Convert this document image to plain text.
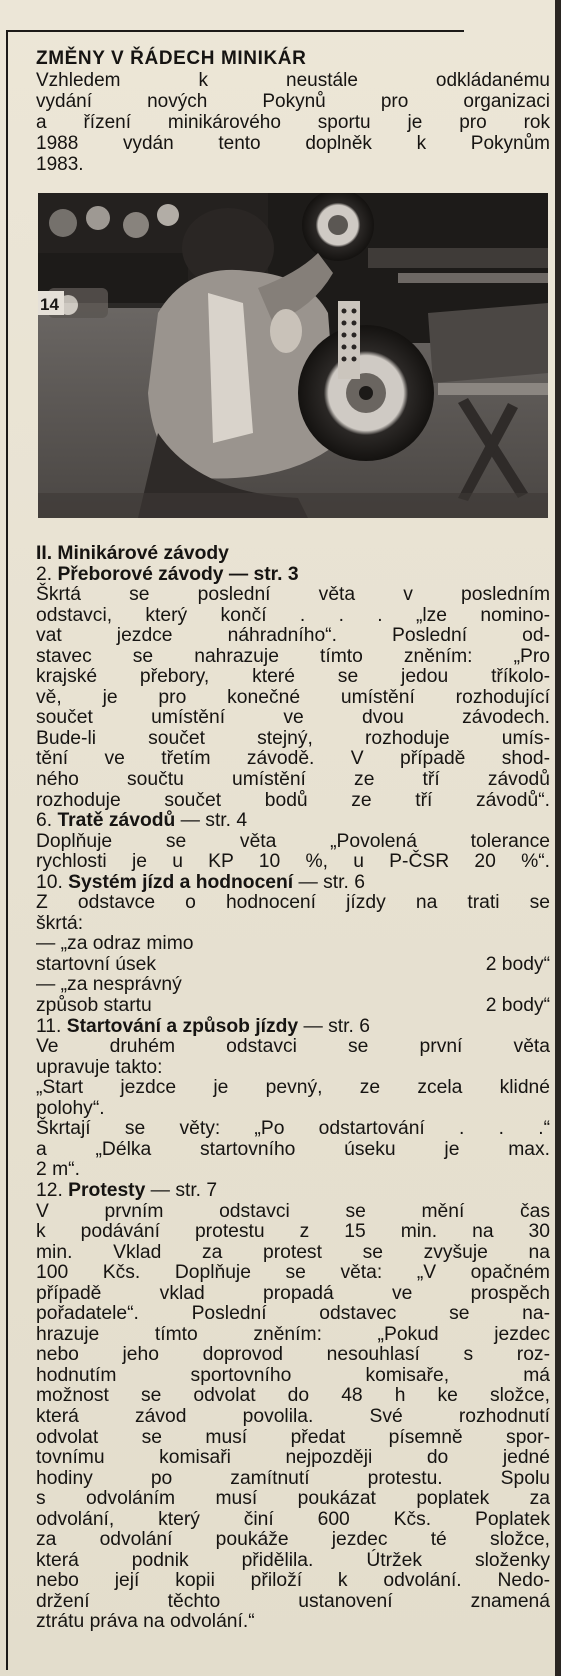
ZMĚNY V ŘÁDECH MINIKÁR

Vzhledem k neustále odkládanému

vydání nových Pokynů pro organizaci

a řízení minikárového sportu je pro rok

1988 vydán tento doplněk k Pokynům

1983.

14

II. Minikárové závody

2. Přeborové závody — str. 3

Škrtá se poslední věta v posledním

odstavci, který končí . . . „lze nomino-

vat jezdce náhradního“. Poslední od-

stavec se nahrazuje tímto zněním: „Pro

krajské přebory, které se jedou tříkolo-

vě, je pro konečné umístění rozhodující

součet umístění ve dvou závodech.

Bude-li součet stejný, rozhoduje umís-

tění ve třetím závodě. V případě shod-

ného součtu umístění ze tří závodů

rozhoduje součet bodů ze tří závodů“.

6. Tratě závodů — str. 4

Doplňuje se věta „Povolená tolerance

rychlosti je u KP 10 %, u P-ČSR 20 %“.

10. Systém jízd a hodnocení — str. 6

Z odstavce o hodnocení jízdy na trati se

škrtá:

— „za odraz mimo

startovní úsek	2 body“

— „za nesprávný

způsob startu	2 body“

11. Startování a způsob jízdy — str. 6

Ve druhém odstavci se první věta

upravuje takto:

„Start jezdce je pevný, ze zcela klidné

polohy“.

Škrtají se věty: „Po odstartování . . .“

a „Délka startovního úseku je max.

2 m“.

12. Protesty — str. 7

V prvním odstavci se mění čas

k podávání protestu z 15 min. na 30

min. Vklad za protest se zvyšuje na

100 Kčs. Doplňuje se věta: „V opačném

případě vklad propadá ve prospěch

pořadatele“. Poslední odstavec se na-

hrazuje tímto zněním: „Pokud jezdec

nebo jeho doprovod nesouhlasí s roz-

hodnutím sportovního komisaře, má

možnost se odvolat do 48 h ke složce,

která závod povolila. Své rozhodnutí

odvolat se musí předat písemně spor-

tovnímu komisaři nejpozději do jedné

hodiny po zamítnutí protestu. Spolu

s odvoláním musí poukázat poplatek za

odvolání, který činí 600 Kčs. Poplatek

za odvolání poukáže jezdec té složce,

která podnik přidělila. Útržek složenky

nebo její kopii přiloží k odvolání. Nedo-

držení těchto ustanovení znamená

ztrátu práva na odvolání.“
